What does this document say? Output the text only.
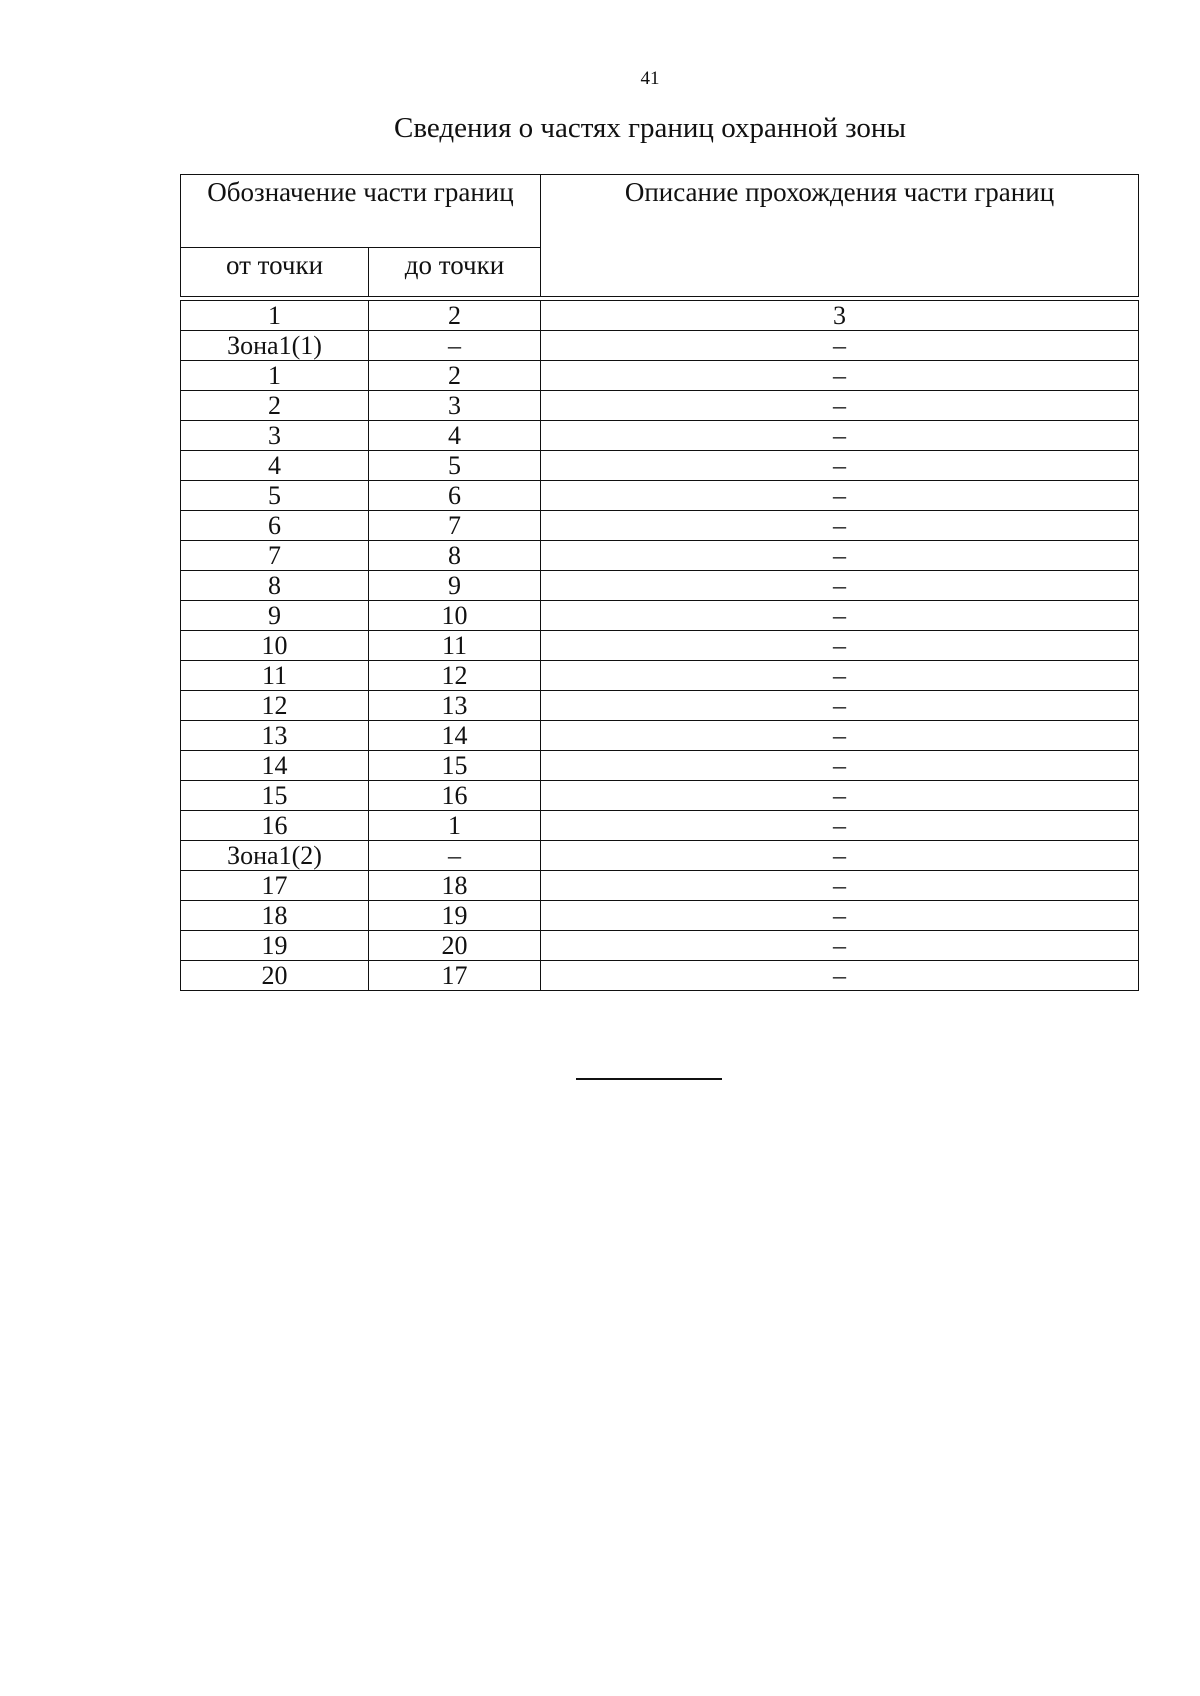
41
Сведения о частях границ охранной зоны
Обозначение части границ		Описание прохождения части границ
от точки	до точки	
1	2	3
Зона1(1)	–	–
1	2	–
2	3	–
3	4	–
4	5	–
5	6	–
6	7	–
7	8	–
8	9	–
9	10	–
10	11	–
11	12	–
12	13	–
13	14	–
14	15	–
15	16	–
16	1	–
Зона1(2)	–	–
17	18	–
18	19	–
19	20	–
20	17	–
